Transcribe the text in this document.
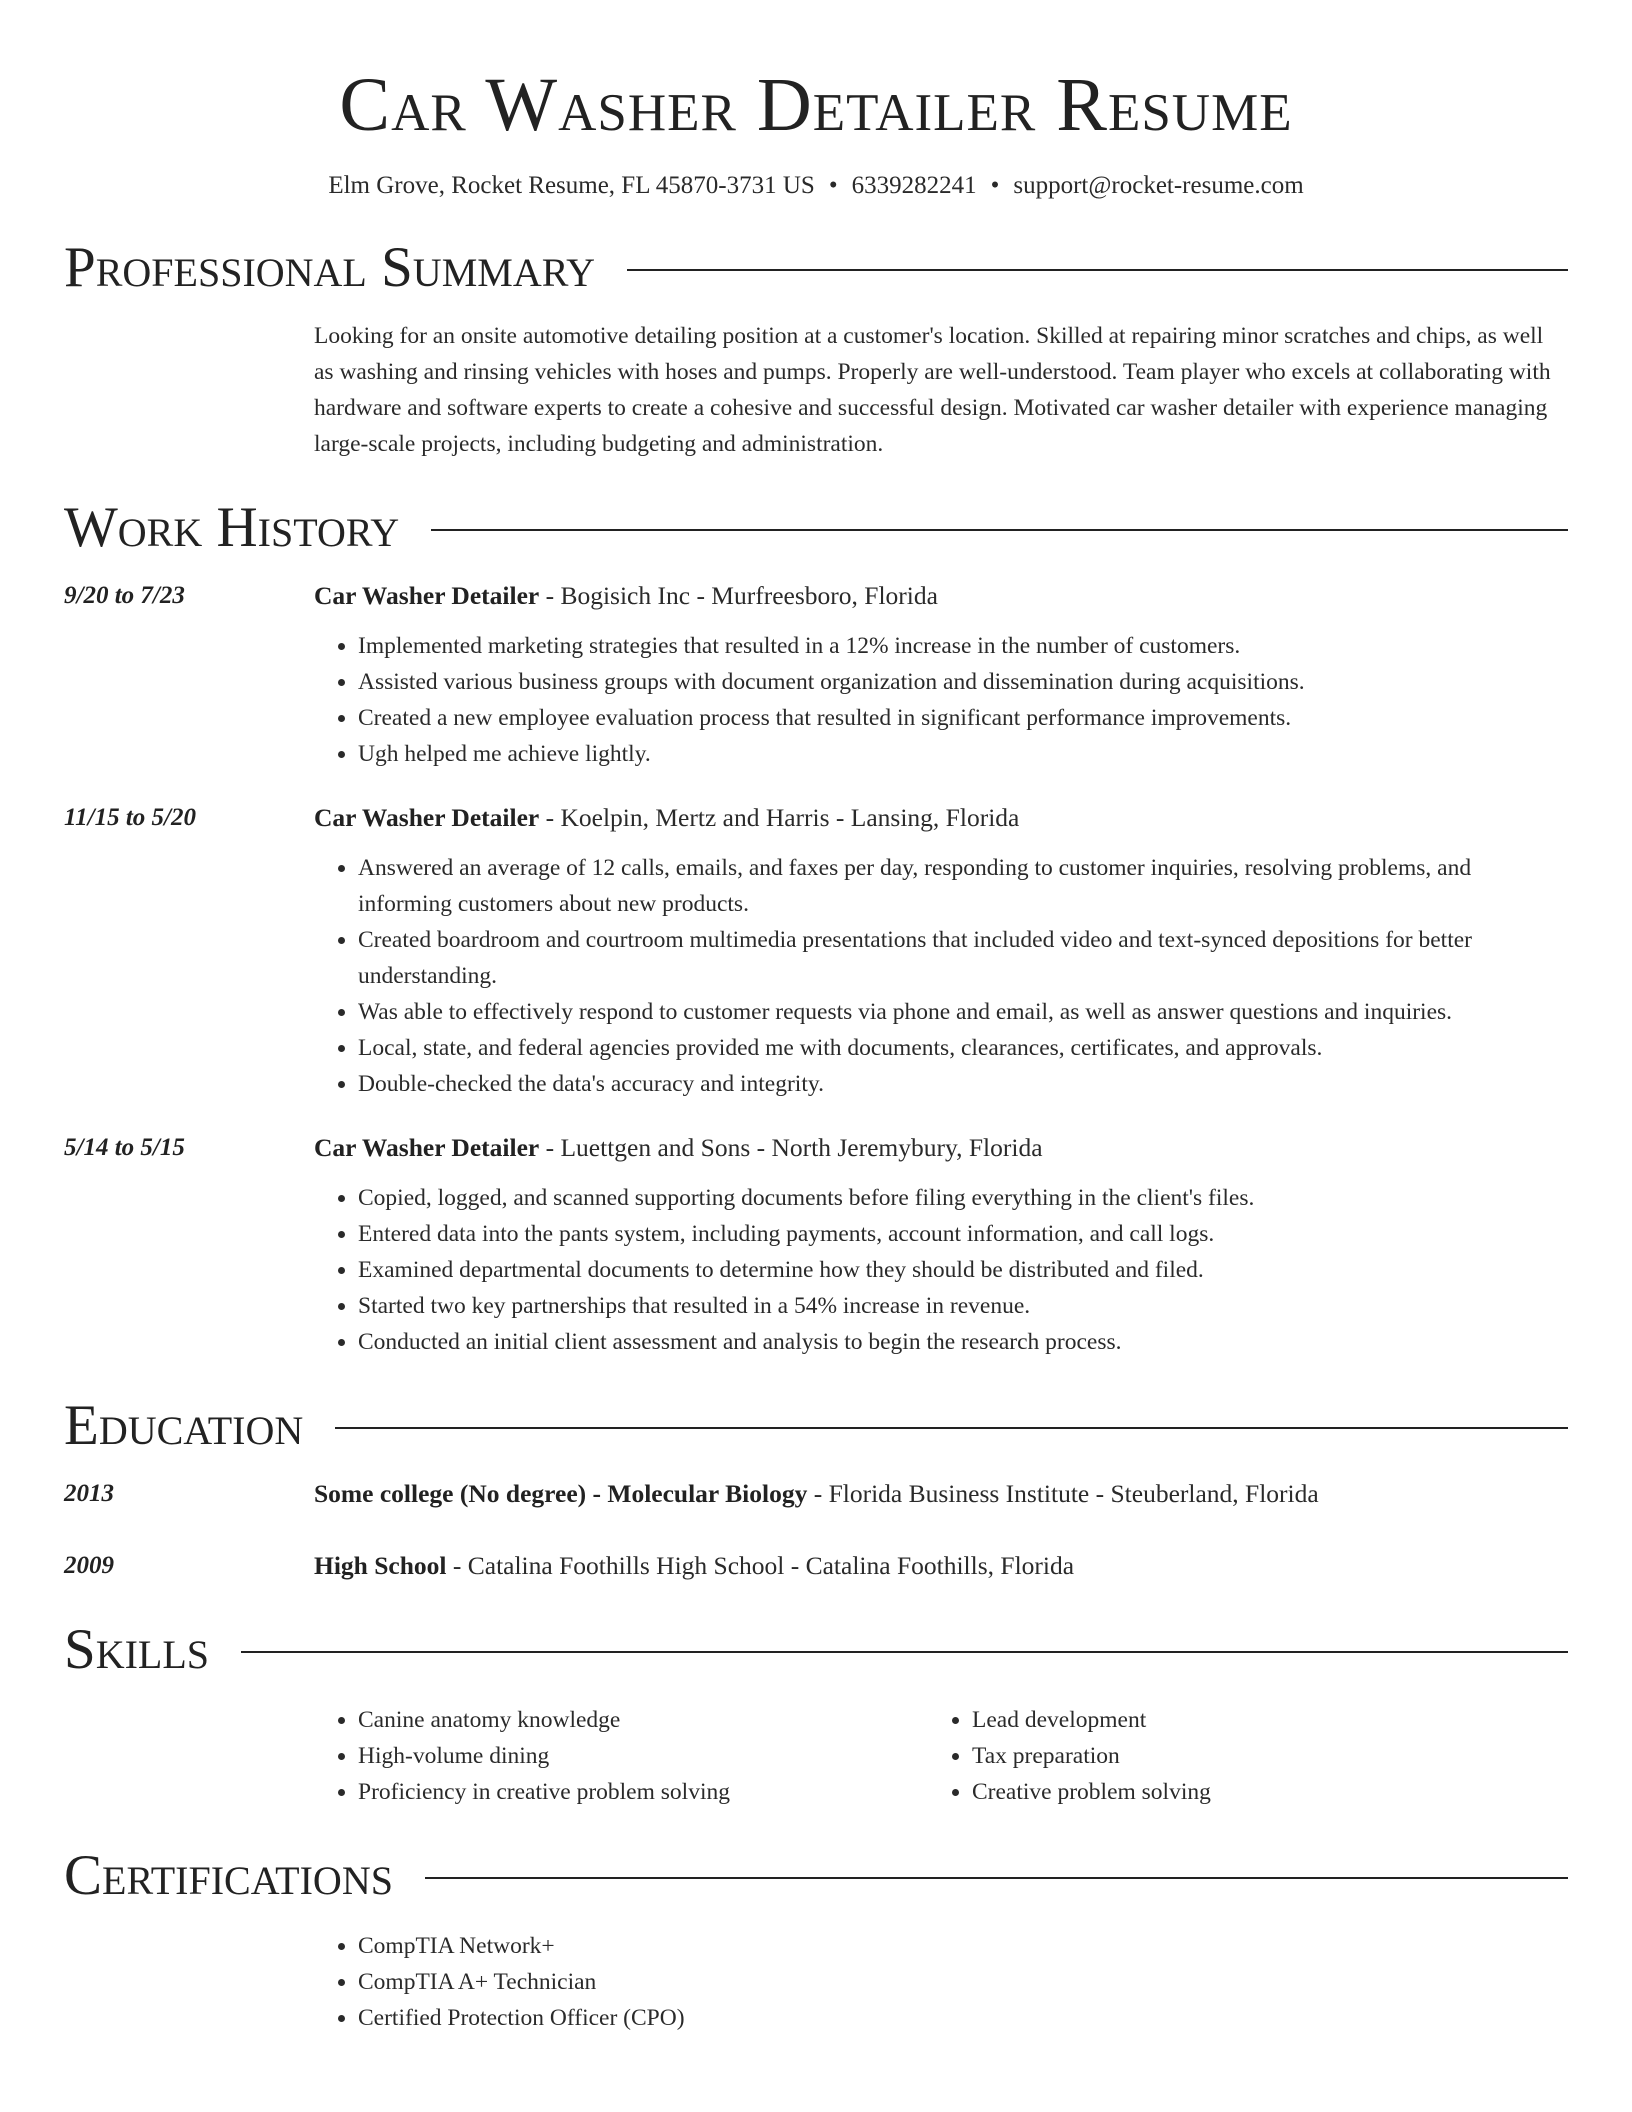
Car Washer Detailer Resume
Elm Grove, Rocket Resume, FL 45870-3731 US • 6339282241 • support@rocket-resume.com
Professional Summary
Looking for an onsite automotive detailing position at a customer's location. Skilled at repairing minor scratches and chips, as well as washing and rinsing vehicles with hoses and pumps. Properly are well-understood. Team player who excels at collaborating with hardware and software experts to create a cohesive and successful design. Motivated car washer detailer with experience managing large-scale projects, including budgeting and administration.
Work History
9/20 to 7/23	Car Washer Detailer - Bogisich Inc - Murfreesboro, Florida
• Implemented marketing strategies that resulted in a 12% increase in the number of customers.
• Assisted various business groups with document organization and dissemination during acquisitions.
• Created a new employee evaluation process that resulted in significant performance improvements.
• Ugh helped me achieve lightly.
11/15 to 5/20	Car Washer Detailer - Koelpin, Mertz and Harris - Lansing, Florida
• Answered an average of 12 calls, emails, and faxes per day, responding to customer inquiries, resolving problems, and informing customers about new products.
• Created boardroom and courtroom multimedia presentations that included video and text-synced depositions for better understanding.
• Was able to effectively respond to customer requests via phone and email, as well as answer questions and inquiries.
• Local, state, and federal agencies provided me with documents, clearances, certificates, and approvals.
• Double-checked the data's accuracy and integrity.
5/14 to 5/15	Car Washer Detailer - Luettgen and Sons - North Jeremybury, Florida
• Copied, logged, and scanned supporting documents before filing everything in the client's files.
• Entered data into the pants system, including payments, account information, and call logs.
• Examined departmental documents to determine how they should be distributed and filed.
• Started two key partnerships that resulted in a 54% increase in revenue.
• Conducted an initial client assessment and analysis to begin the research process.
Education
2013	Some college (No degree) - Molecular Biology - Florida Business Institute - Steuberland, Florida
2009	High School - Catalina Foothills High School - Catalina Foothills, Florida
Skills
• Canine anatomy knowledge
• High-volume dining
• Proficiency in creative problem solving
• Lead development
• Tax preparation
• Creative problem solving
Certifications
• CompTIA Network+
• CompTIA A+ Technician
• Certified Protection Officer (CPO)
